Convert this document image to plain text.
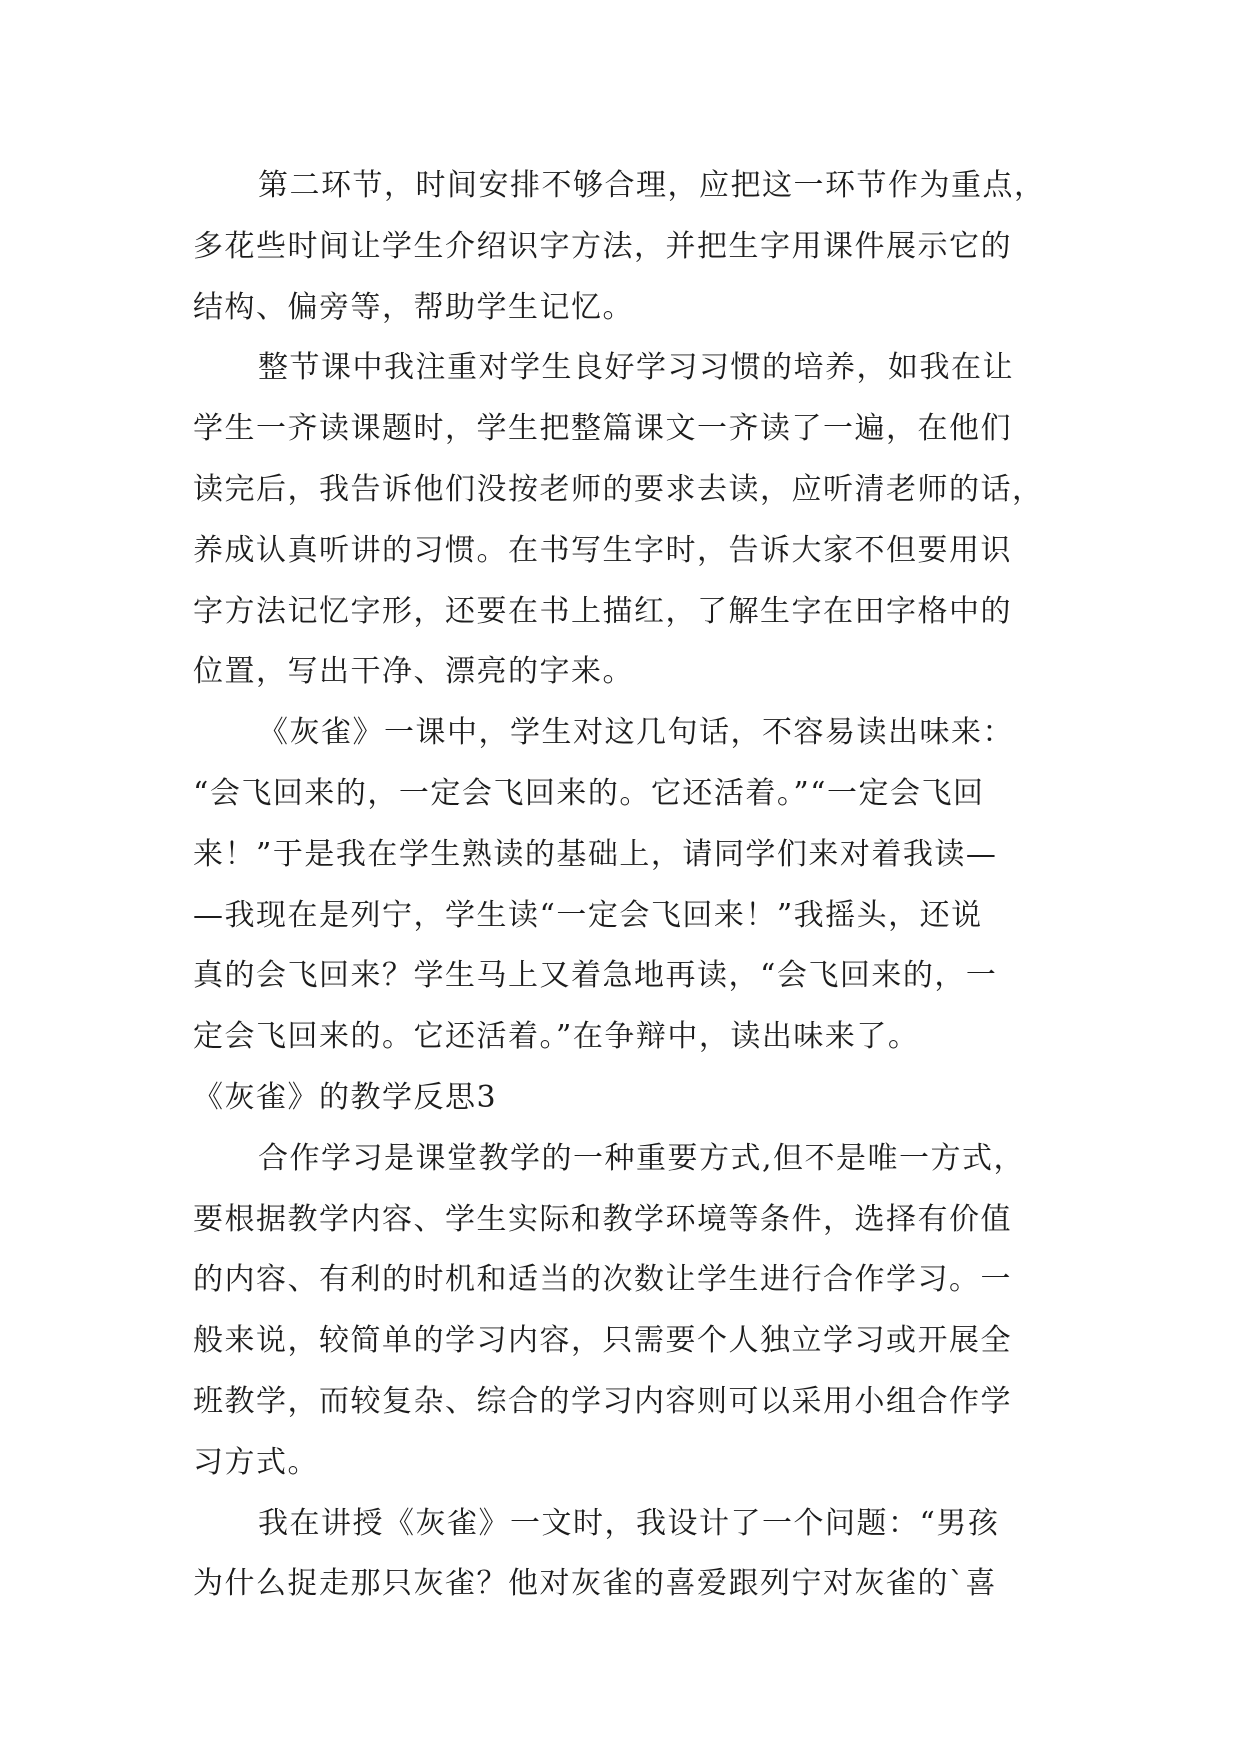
第二环节，时间安排不够合理，应把这一环节作为重点，
多花些时间让学生介绍识字方法，并把生字用课件展示它的
结构、偏旁等，帮助学生记忆。
整节课中我注重对学生良好学习习惯的培养，如我在让
学生一齐读课题时，学生把整篇课文一齐读了一遍，在他们
读完后，我告诉他们没按老师的要求去读，应听清老师的话，
养成认真听讲的习惯。在书写生字时，告诉大家不但要用识
字方法记忆字形，还要在书上描红，了解生字在田字格中的
位置，写出干净、漂亮的字来。
《灰雀》一课中，学生对这几句话，不容易读出味来：
“会飞回来的，一定会飞回来的。它还活着。”“一定会飞回
来！”于是我在学生熟读的基础上，请同学们来对着我读—
—我现在是列宁，学生读“一定会飞回来！”我摇头，还说
真的会飞回来？学生马上又着急地再读，“会飞回来的，一
定会飞回来的。它还活着。”在争辩中，读出味来了。
《灰雀》的教学反思3
合作学习是课堂教学的一种重要方式,但不是唯一方式，
要根据教学内容、学生实际和教学环境等条件，选择有价值
的内容、有利的时机和适当的次数让学生进行合作学习。一
般来说，较简单的学习内容，只需要个人独立学习或开展全
班教学，而较复杂、综合的学习内容则可以采用小组合作学
习方式。
我在讲授《灰雀》一文时，我设计了一个问题：“男孩
为什么捉走那只灰雀？他对灰雀的喜爱跟列宁对灰雀的`喜
